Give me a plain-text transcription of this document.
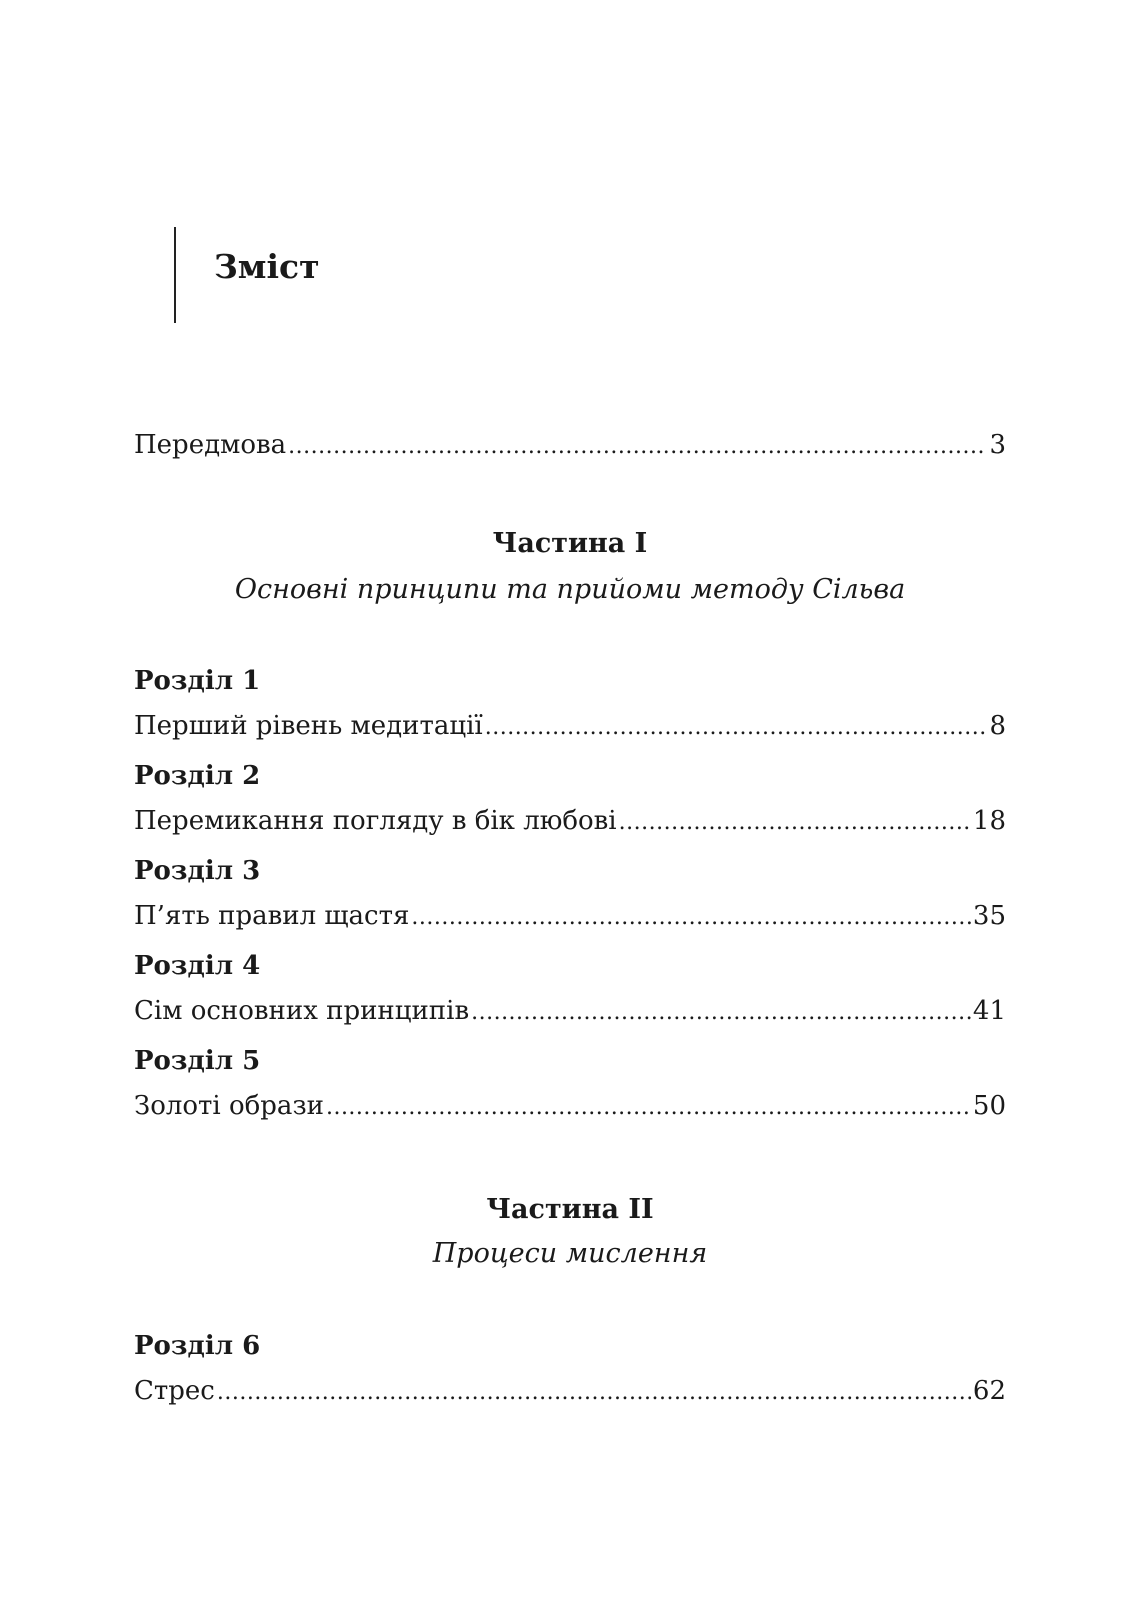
Зміст
Передмова .....	3
Частина I
Основні принципи та прийоми методу Сільва
Розділ 1
Перший рівень медитації .....	8
Розділ 2
Перемикання погляду в бік любові .....	18
Розділ 3
П’ять правил щастя .....	35
Розділ 4
Сім основних принципів .....	41
Розділ 5
Золоті образи .....	50
Частина II
Процеси мислення
Розділ 6
Стрес .....	62
